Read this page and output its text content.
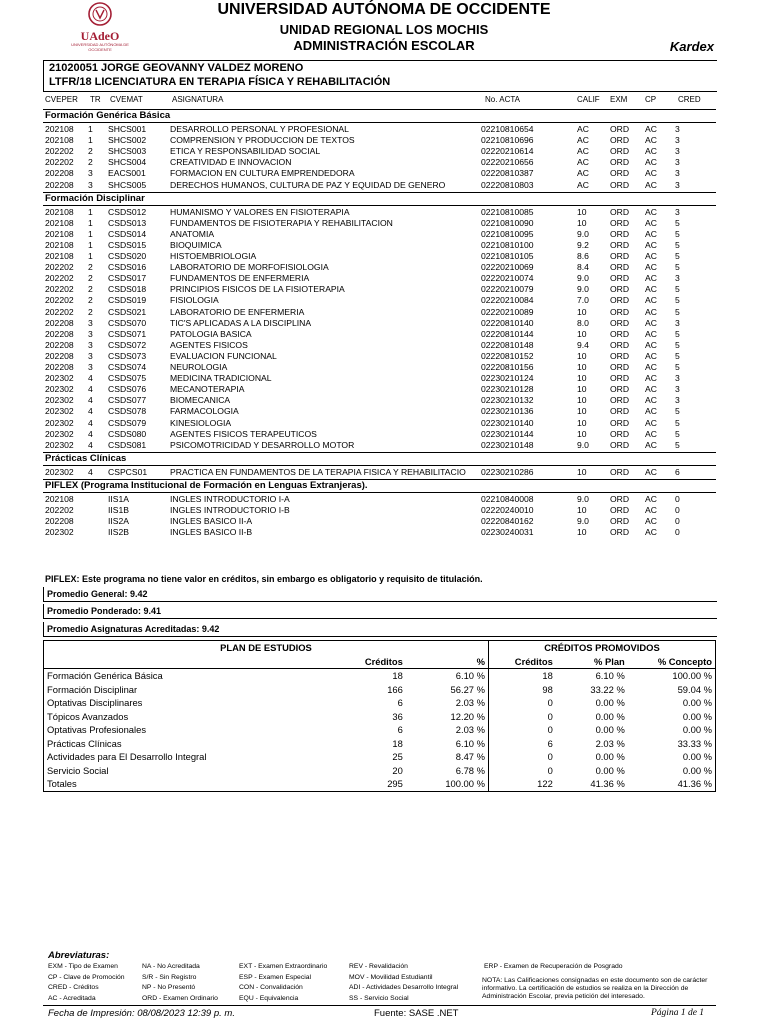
UAdeO
UNIVERSIDAD AUTÓNOMA DE OCCIDENTE
UNIVERSIDAD AUTÓNOMA DE OCCIDENTE
UNIDAD REGIONAL LOS MOCHIS
ADMINISTRACIÓN ESCOLAR	Kardex
21020051 JORGE GEOVANNY VALDEZ MORENO
LTFR/18 LICENCIATURA EN TERAPIA FÍSICA Y REHABILITACIÓN
CVEPER TR CVEMAT	ASIGNATURA	No. ACTA	CALIF EXM CP	CRED
Formación Genérica Básica
202108 1 SHCS001	DESARROLLO PERSONAL Y PROFESIONAL	02210810654	AC ORD AC 3
202108 1 SHCS002	COMPRENSION Y PRODUCCION DE TEXTOS	02210810696	AC ORD AC 3
202202 2 SHCS003	ETICA Y RESPONSABILIDAD SOCIAL	02220210614	AC ORD AC 3
202202 2 SHCS004	CREATIVIDAD E INNOVACION	02220210656	AC ORD AC 3
202208 3 EACS001	FORMACION EN CULTURA EMPRENDEDORA	02220810387	AC ORD AC 3
202208 3 SHCS005	DERECHOS HUMANOS, CULTURA DE PAZ Y EQUIDAD DE GENERO	02220810803	AC ORD AC 3
Formación Disciplinar
202108 1 CSDS012	HUMANISMO Y VALORES EN FISIOTERAPIA	02210810085	10	ORD AC 3
202108 1 CSDS013	FUNDAMENTOS DE FISIOTERAPIA Y REHABILITACION	02210810090	10	ORD AC 5
202108 1 CSDS014	ANATOMIA	02210810095	9.0 ORD AC 5
202108 1 CSDS015	BIOQUIMICA	02210810100	9.2 ORD AC 5
202108 1 CSDS020	HISTOEMBRIOLOGIA	02210810105	8.6 ORD AC 5
202202 2 CSDS016	LABORATORIO DE MORFOFISIOLOGIA	02220210069	8.4 ORD AC 5
202202 2 CSDS017	FUNDAMENTOS DE ENFERMERIA	02220210074	9.0 ORD AC 3
202202 2 CSDS018	PRINCIPIOS FISICOS DE LA FISIOTERAPIA	02220210079	9.0 ORD AC 5
202202 2 CSDS019	FISIOLOGIA	02220210084	7.0 ORD AC 5
202202 2 CSDS021	LABORATORIO DE ENFERMERIA	02220210089	10	ORD AC 5
202208 3 CSDS070	TIC'S APLICADAS A LA DISCIPLINA	02220810140	8.0 ORD AC 3
202208 3 CSDS071	PATOLOGIA BASICA	02220810144	10	ORD AC 5
202208 3 CSDS072	AGENTES FISICOS	02220810148	9.4 ORD AC 5
202208 3 CSDS073	EVALUACION FUNCIONAL	02220810152	10	ORD AC 5
202208 3 CSDS074	NEUROLOGIA	02220810156	10	ORD AC 5
202302 4 CSDS075	MEDICINA TRADICIONAL	02230210124	10	ORD AC 3
202302 4 CSDS076	MECANOTERAPIA	02230210128	10	ORD AC 3
202302 4 CSDS077	BIOMECANICA	02230210132	10	ORD AC 3
202302 4 CSDS078	FARMACOLOGIA	02230210136	10	ORD AC 5
202302 4 CSDS079	KINESIOLOGIA	02230210140	10	ORD AC 5
202302 4 CSDS080	AGENTES FISICOS TERAPEUTICOS	02230210144	10	ORD AC 5
202302 4 CSDS081	PSICOMOTRICIDAD Y DESARROLLO MOTOR	02230210148	9.0 ORD AC 5
Prácticas Clínicas
202302 4 CSPCS01	PRACTICA EN FUNDAMENTOS DE LA TERAPIA FISICA Y REHABILITACIO 02230210286	10	ORD AC 6
PIFLEX (Programa Institucional de Formación en Lenguas Extranjeras).
202108	IIS1A	INGLES INTRODUCTORIO I-A	02210840008	9.0 ORD AC 0
202202	IIS1B	INGLES INTRODUCTORIO I-B	02220240010	10	ORD AC 0
202208	IIS2A	INGLES BASICO II-A	02220840162	9.0 ORD AC 0
202302	IIS2B	INGLES BASICO II-B	02230240031	10	ORD AC 0
PIFLEX: Este programa no tiene valor en créditos, sin embargo es obligatorio y requisito de titulación.
Promedio General: 9.42
Promedio Ponderado: 9.41
Promedio Asignaturas Acreditadas: 9.42
PLAN DE ESTUDIOS			CRÉDITOS PROMOVIDOS		
	Créditos	%	Créditos	% Plan	% Concepto
Formación Genérica Básica	18	6.10 %	18	6.10 %	100.00 %
Formación Disciplinar	166	56.27 %	98	33.22 %	59.04 %
Optativas Disciplinares	6	2.03 %	0	0.00 %	0.00 %
Tópicos Avanzados	36	12.20 %	0	0.00 %	0.00 %
Optativas Profesionales	6	2.03 %	0	0.00 %	0.00 %
Prácticas Clínicas	18	6.10 %	6	2.03 %	33.33 %
Actividades para El Desarrollo Integral	25	8.47 %	0	0.00 %	0.00 %
Servicio Social	20	6.78 %	0	0.00 %	0.00 %
Totales	295	100.00 %	122	41.36 %	41.36 %
Abreviaturas:
EXM - Tipo de Examen
CP - Clave de Promoción
CRED - Créditos
AC - Acreditada
NA - No Acreditada
S/R - Sin Registro
NP - No Presentó
ORD - Examen Ordinario
EXT - Examen Extraordinario
ESP - Examen Especial
CON - Convalidación
EQU - Equivalencia
REV - Revalidación
MOV - Movilidad Estudiantil
ADI - Actividades Desarrollo Integral
SS - Servicio Social
ERP - Examen de Recuperación de Posgrado
NOTA: Las Calificaciones consignadas en este documento son de carácter informativo. La certificación de estudios se realiza en la Dirección de Administración Escolar, previa petición del interesado.
Fecha de Impresión: 08/08/2023 12:39 p. m.	Fuente: SASE .NET	Página 1 de 1
